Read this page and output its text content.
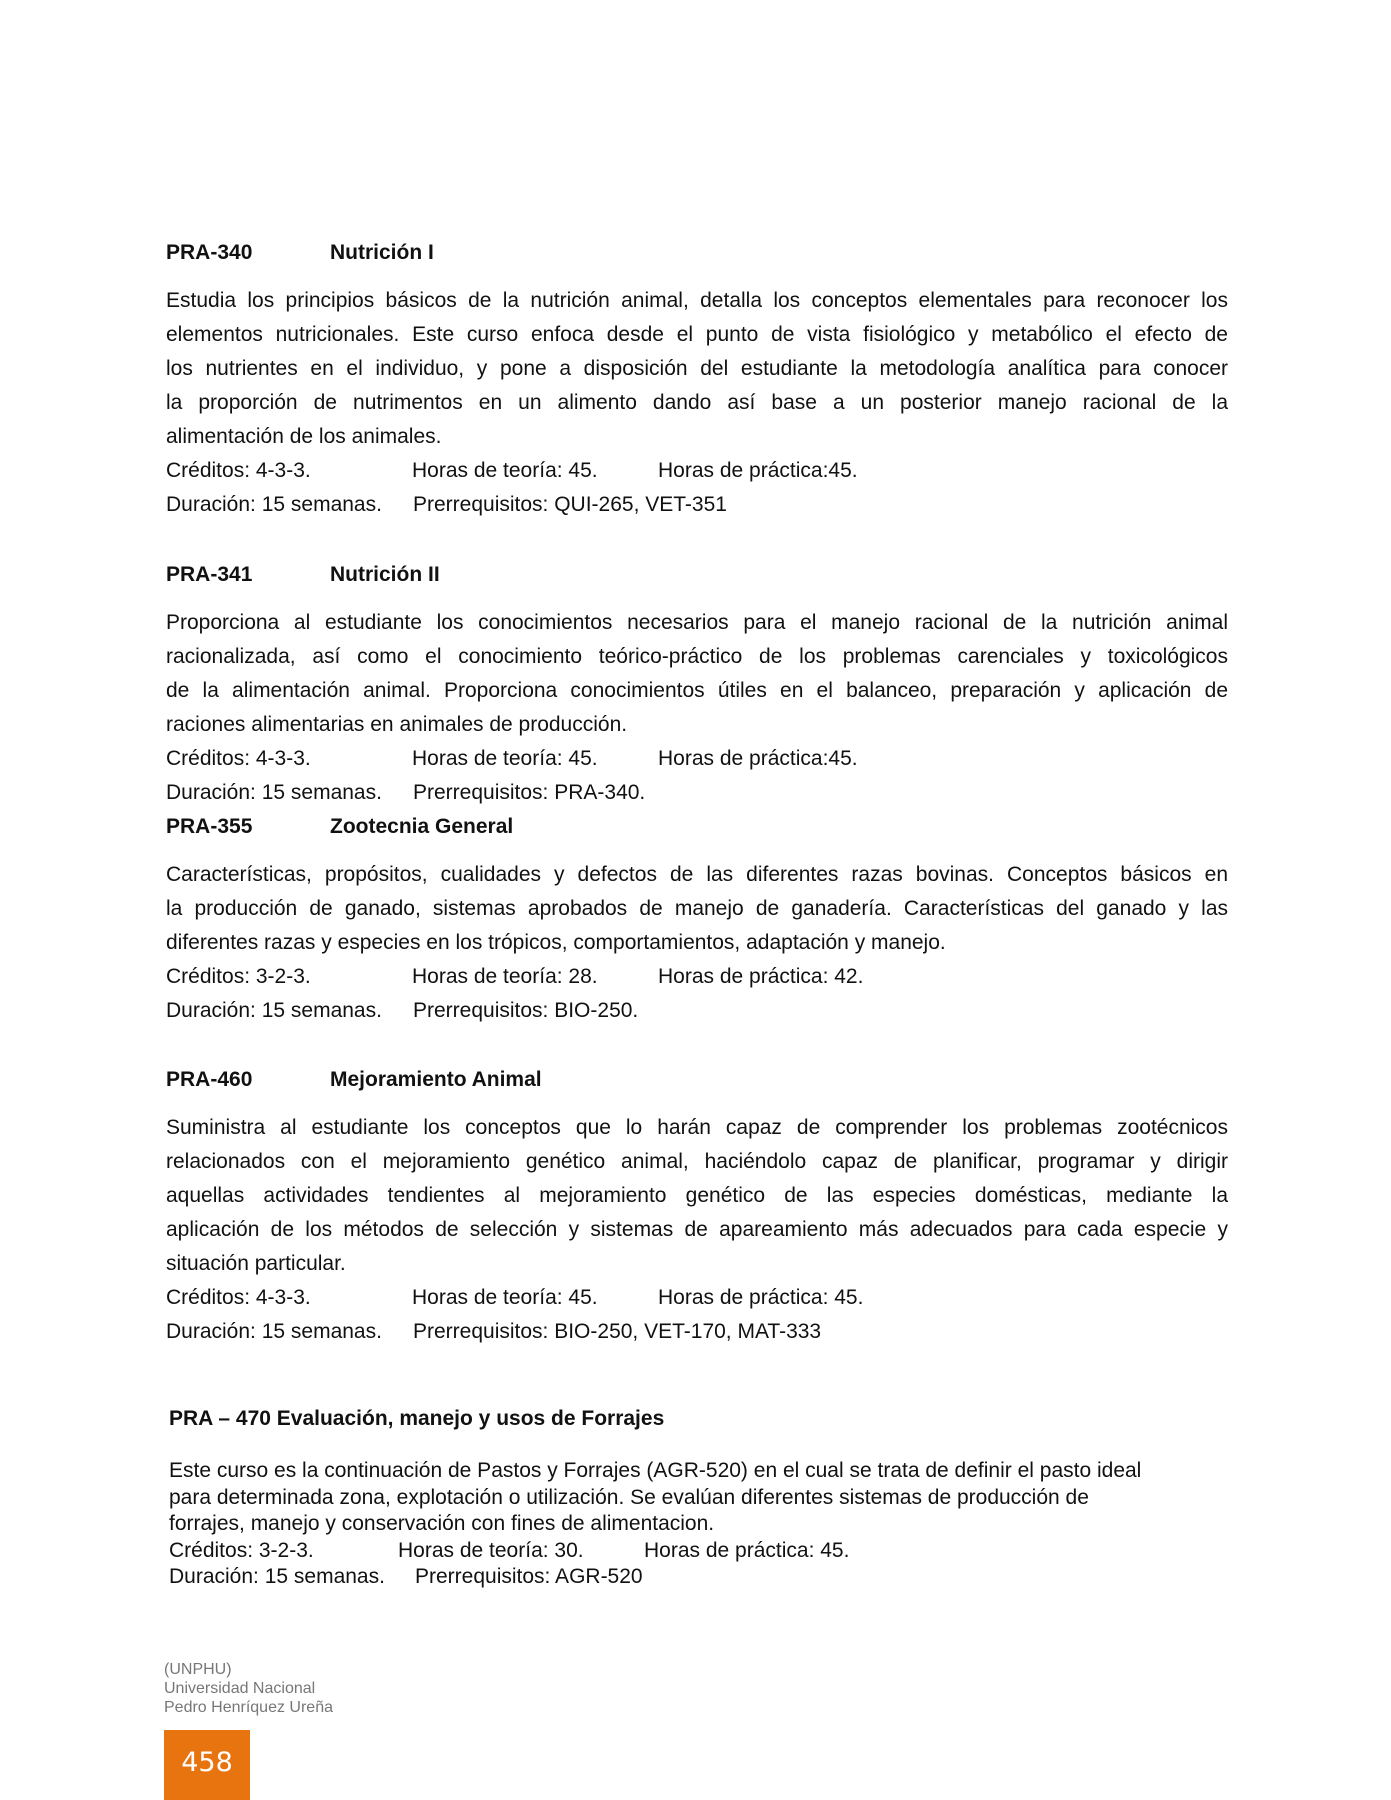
PRA-340	Nutrición I
Estudia los principios básicos de la nutrición animal, detalla los conceptos elementales para reconocer los
elementos nutricionales. Este curso enfoca desde el punto de vista fisiológico y metabólico el efecto de
los nutrientes en el individuo, y pone a disposición del estudiante la metodología analítica para conocer
la proporción de nutrimentos en un alimento dando así base a un posterior manejo racional de la
alimentación de los animales.
Créditos: 4-3-3.	Horas de teoría: 45.	Horas de práctica:45.
Duración: 15 semanas. Prerrequisitos: QUI-265, VET-351
PRA-341	Nutrición II
Proporciona al estudiante los conocimientos necesarios para el manejo racional de la nutrición animal
racionalizada, así como el conocimiento teórico-práctico de los problemas carenciales y toxicológicos
de la alimentación animal. Proporciona conocimientos útiles en el balanceo, preparación y aplicación de
raciones alimentarias en animales de producción.
Créditos: 4-3-3.	Horas de teoría: 45.	Horas de práctica:45.
Duración: 15 semanas. Prerrequisitos: PRA-340.
PRA-355	Zootecnia General
Características, propósitos, cualidades y defectos de las diferentes razas bovinas. Conceptos básicos en
la producción de ganado, sistemas aprobados de manejo de ganadería. Características del ganado y las
diferentes razas y especies en los trópicos, comportamientos, adaptación y manejo.
Créditos: 3-2-3.	Horas de teoría: 28.	Horas de práctica: 42.
Duración: 15 semanas. Prerrequisitos: BIO-250.
PRA-460	Mejoramiento Animal
Suministra al estudiante los conceptos que lo harán capaz de comprender los problemas zootécnicos
relacionados con el mejoramiento genético animal, haciéndolo capaz de planificar, programar y dirigir
aquellas actividades tendientes al mejoramiento genético de las especies domésticas, mediante la
aplicación de los métodos de selección y sistemas de apareamiento más adecuados para cada especie y
situación particular.
Créditos: 4-3-3.	Horas de teoría: 45.	Horas de práctica: 45.
Duración: 15 semanas. Prerrequisitos: BIO-250, VET-170, MAT-333
PRA – 470 Evaluación, manejo y usos de Forrajes
Este curso es la continuación de Pastos y Forrajes (AGR-520) en el cual se trata de definir el pasto ideal
para determinada zona, explotación o utilización. Se evalúan diferentes sistemas de producción de
forrajes, manejo y conservación con fines de alimentacion.
Créditos: 3-2-3.	Horas de teoría: 30.	Horas de práctica: 45.
Duración: 15 semanas. Prerrequisitos: AGR-520
(UNPHU)
Universidad Nacional
Pedro Henríquez Ureña
458
